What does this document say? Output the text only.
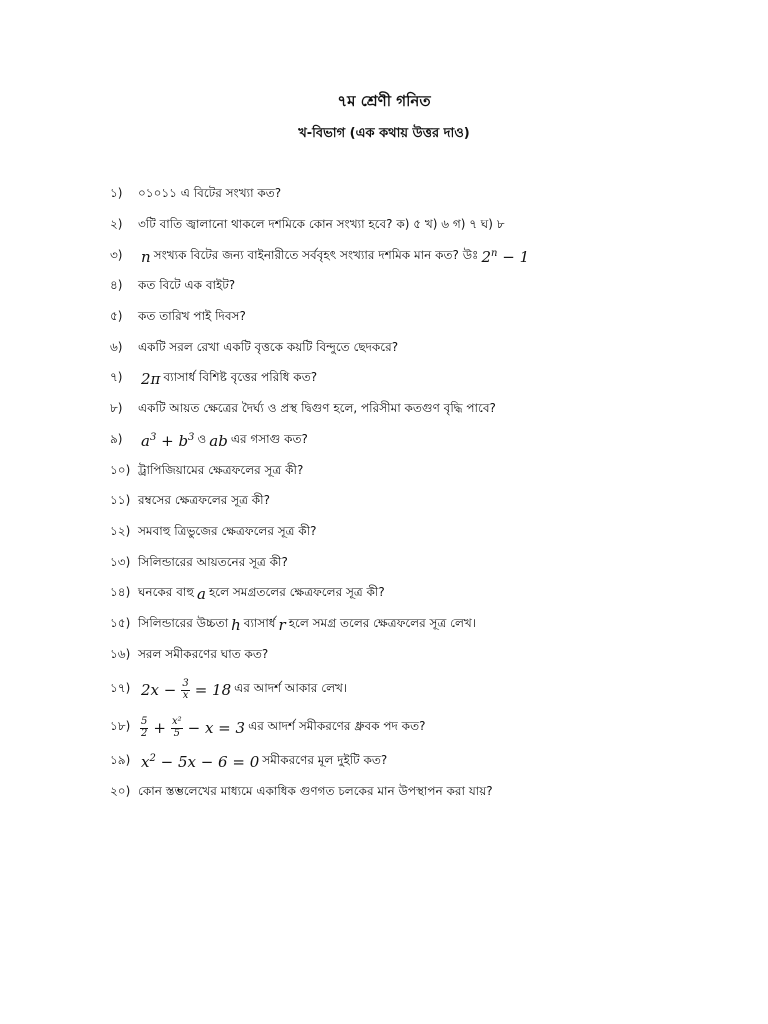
৭ম শ্রেণী গনিত
খ-বিভাগ (এক কথায় উত্তর দাও)
১)	০১০১১ এ বিটের সংখ্যা কত?
২)	৩টি বাতি জ্বালানো থাকলে দশমিকে কোন সংখ্যা হবে? ক) ৫ খ) ৬ গ) ৭ ঘ) ৮
৩)	n সংখ্যক বিটের জন্য বাইনারীতে সর্ববৃহৎ সংখ্যার দশমিক মান কত? উঃ $2^n - 1$
৪)	কত বিটে এক বাইট?
৫)	কত তারিখ পাই দিবস?
৬)	একটি সরল রেখা একটি বৃত্তকে কয়টি বিন্দুতে ছেদকরে?
৭)	2π ব্যাসার্ধ বিশিষ্ট বৃত্তের পরিধি কত?
৮)	একটি আয়ত ক্ষেত্রের দৈর্ঘ্য ও প্রস্থ দ্বিগুণ হলে, পরিসীমা কতগুণ বৃদ্ধি পাবে?
৯)	$a^3 + b^3$ ও ab এর গসাগু কত?
১০) ট্রাপিজিয়ামের ক্ষেত্রফলের সূত্র কী?
১১) রম্বসের ক্ষেত্রফলের সূত্র কী?
১২) সমবাহু ত্রিভুজের ক্ষেত্রফলের সূত্র কী?
১৩) সিলিন্ডারের আয়তনের সূত্র কী?
১৪) ঘনকের বাহু a হলে সমগ্রতলের ক্ষেত্রফলের সূত্র কী?
১৫) সিলিন্ডারের উচ্চতা h ব্যাসার্ধ r হলে সমগ্র তলের ক্ষেত্রফলের সূত্র লেখ।
১৬) সরল সমীকরণের ঘাত কত?
১৭) $2x - \frac{3}{x} = 18$ এর আদর্শ আকার লেখ।
১৮) $\frac{5}{2} + \frac{\text{x²}}{5} - x = 3$ এর আদর্শ সমীকরণের ধ্রুবক পদ কত?
১৯) $x^2 - 5x - 6 = 0$ সমীকরণের মূল দুইটি কত?
২০) কোন স্তম্ভলেখের মাধ্যমে একাধিক গুণগত চলকের মান উপস্থাপন করা যায়?
